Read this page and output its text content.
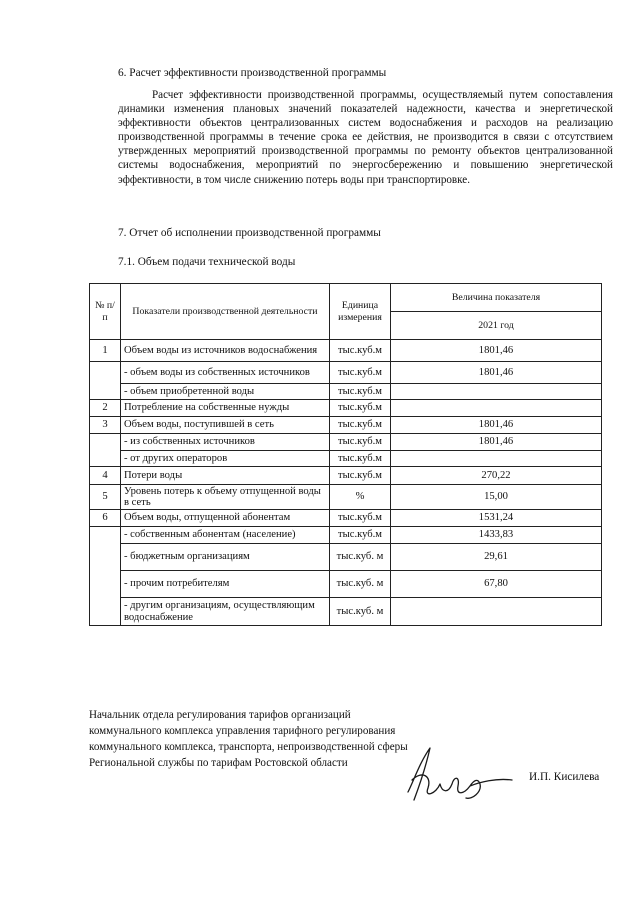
6. Расчет эффективности производственной программы
Расчет эффективности производственной программы, осуществляемый путем сопоставления динамики изменения плановых значений показателей надежности, качества и энергетической эффективности объектов централизованных систем водоснабжения и расходов на реализацию производственной программы в течение срока ее действия, не производится в связи с отсутствием утвержденных мероприятий производственной программы по ремонту объектов централизованной системы водоснабжения, мероприятий по энергосбережению и повышению энергетической эффективности, в том числе снижению потерь воды при транспортировке.
7. Отчет об исполнении производственной программы
7.1. Объем подачи технической воды
№ п/п	Показатели производственной деятельности	Единица измерения	Величина показателя
			2021 год
1	Объем воды из источников водоснабжения	тыс.куб.м	1801,46
	- объем воды из собственных источников	тыс.куб.м	1801,46
	- объем приобретенной воды	тыс.куб.м	
2	Потребление на собственные нужды	тыс.куб.м	
3	Объем воды, поступившей в сеть	тыс.куб.м	1801,46
	- из собственных источников	тыс.куб.м	1801,46
	- от других операторов	тыс.куб.м	
4	Потери воды	тыс.куб.м	270,22
5	Уровень потерь к объему отпущенной воды в сеть	%	15,00
6	Объем воды, отпущенной абонентам	тыс.куб.м	1531,24
	- собственным абонентам (население)	тыс.куб.м	1433,83
	- бюджетным организациям	тыс.куб. м	29,61
	- прочим потребителям	тыс.куб. м	67,80
	- другим организациям, осуществляющим водоснабжение	тыс.куб. м	
Начальник отдела регулирования тарифов организаций коммунального комплекса управления тарифного регулирования коммунального комплекса, транспорта, непроизводственной сферы Региональной службы по тарифам Ростовской области
И.П. Кисилева
